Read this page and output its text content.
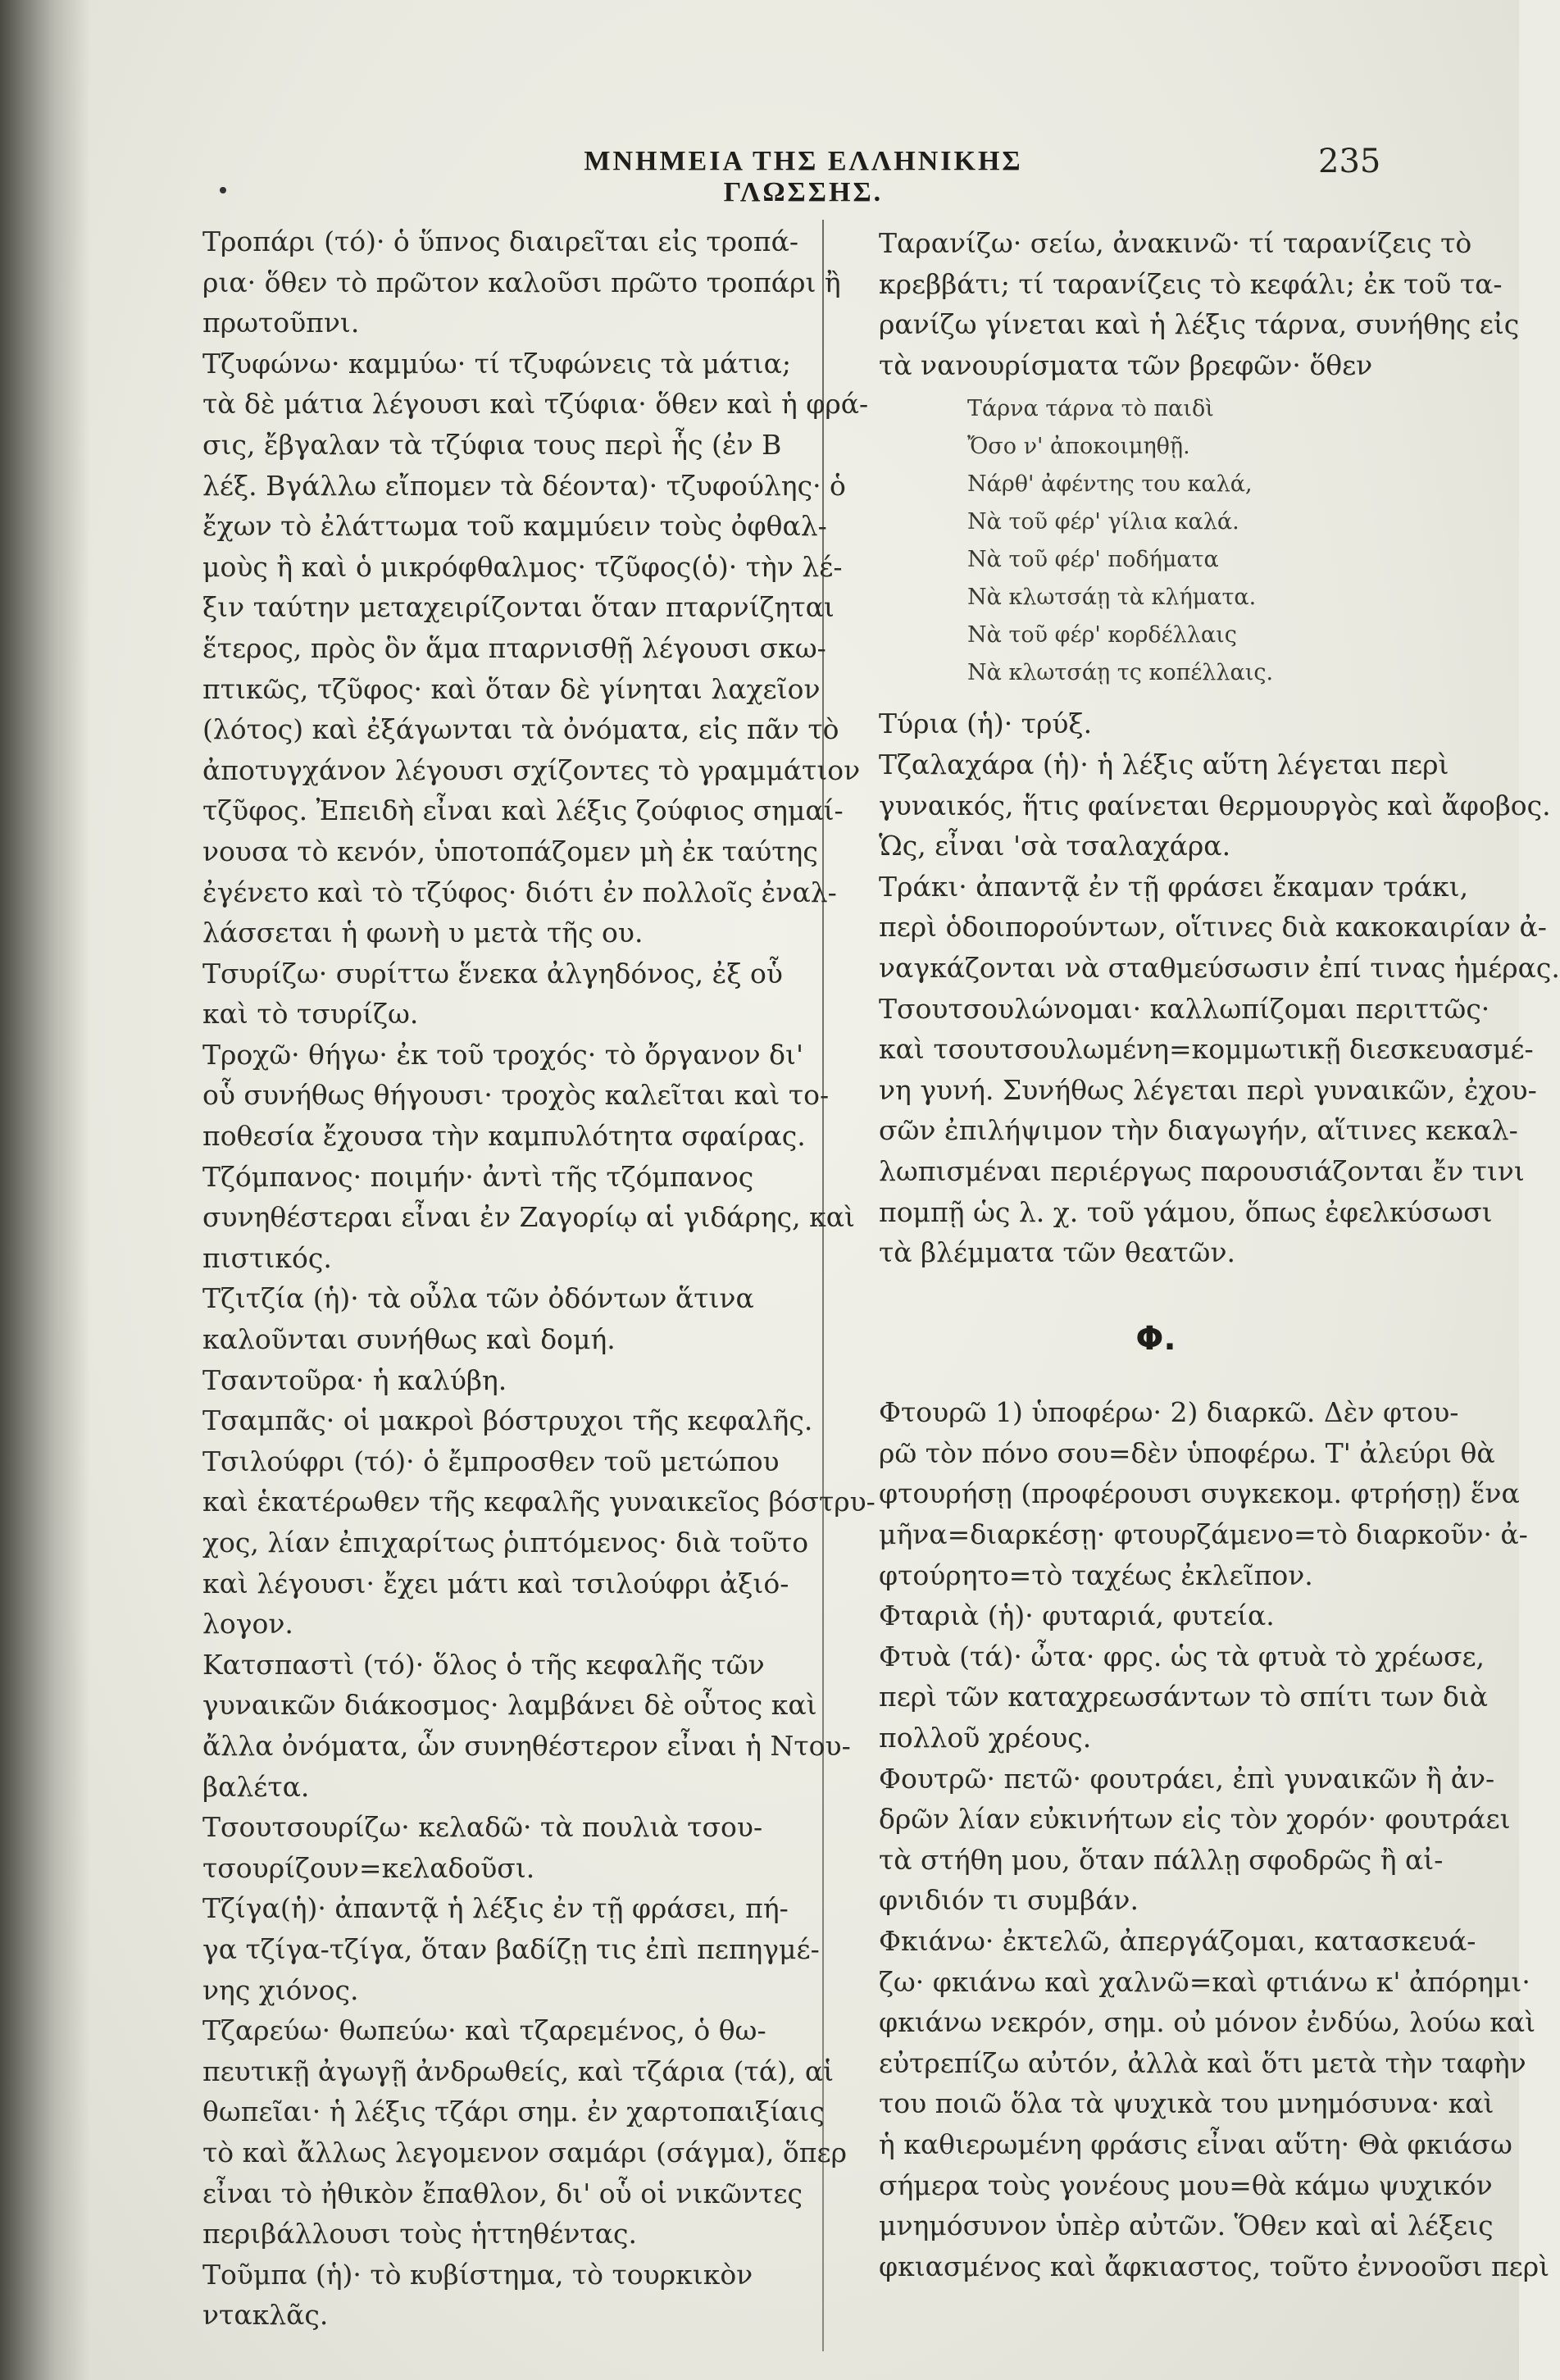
ΜΝΗΜΕΙΑ ΤΗΣ ΕΛΛΗΝΙΚΗΣ ΓΛΩΣΣΗΣ.
235

Τροπάρι (τό)· ὁ ὕπνος διαιρεῖται εἰς τροπά-
ρια· ὅθεν τὸ πρῶτον καλοῦσι πρῶτο τροπάρι ἢ
πρωτοῦπνι.

Τζυφώνω· καμμύω· τί τζυφώνεις τὰ μάτια;
τὰ δὲ μάτια λέγουσι καὶ τζύφια· ὅθεν καὶ ἡ φρά-
σις, ἔβγαλαν τὰ τζύφια τους περὶ ἧς (ἐν Β
λέξ. Βγάλλω εἴπομεν τὰ δέοντα)· τζυφούλης· ὁ
ἔχων τὸ ἐλάττωμα τοῦ καμμύειν τοὺς ὀφθαλ-
μοὺς ἢ καὶ ὁ μικρόφθαλμος· τζῦφος(ὁ)· τὴν λέ-
ξιν ταύτην μεταχειρίζονται ὅταν πταρνίζηται
ἕτερος, πρὸς ὃν ἅμα πταρνισθῇ λέγουσι σκω-
πτικῶς, τζῦφος· καὶ ὅταν δὲ γίνηται λαχεῖον
(λότος) καὶ ἐξάγωνται τὰ ὀνόματα, εἰς πᾶν τὸ
ἀποτυγχάνον λέγουσι σχίζοντες τὸ γραμμάτιον
τζῦφος. Ἐπειδὴ εἶναι καὶ λέξις ζούφιος σημαί-
νουσα τὸ κενόν, ὑποτοπάζομεν μὴ ἐκ ταύτης
ἐγένετο καὶ τὸ τζύφος· διότι ἐν πολλοῖς ἐναλ-
λάσσεται ἡ φωνὴ υ μετὰ τῆς ου.

Τσυρίζω· συρίττω ἕνεκα ἀλγηδόνος, ἐξ οὗ
καὶ τὸ τσυρίζω.

Τροχῶ· θήγω· ἐκ τοῦ τροχός· τὸ ὄργανον δι'
οὗ συνήθως θήγουσι· τροχὸς καλεῖται καὶ το-
ποθεσία ἔχουσα τὴν καμπυλότητα σφαίρας.

Τζόμπανος· ποιμήν· ἀντὶ τῆς τζόμπανος
συνηθέστεραι εἶναι ἐν Ζαγορίῳ αἱ γιδάρης, καὶ
πιστικός.

Τζιτζία (ἡ)· τὰ οὖλα τῶν ὀδόντων ἅτινα
καλοῦνται συνήθως καὶ δομή.

Τσαντοῦρα· ἡ καλύβη.

Τσαμπᾶς· οἱ μακροὶ βόστρυχοι τῆς κεφαλῆς.

Τσιλούφρι (τό)· ὁ ἔμπροσθεν τοῦ μετώπου
καὶ ἑκατέρωθεν τῆς κεφαλῆς γυναικεῖος βόστρυ-
χος, λίαν ἐπιχαρίτως ῥιπτόμενος· διὰ τοῦτο
καὶ λέγουσι· ἔχει μάτι καὶ τσιλούφρι ἀξιό-
λογον.

Κατσπαστὶ (τό)· ὅλος ὁ τῆς κεφαλῆς τῶν
γυναικῶν διάκοσμος· λαμβάνει δὲ οὗτος καὶ
ἄλλα ὀνόματα, ὧν συνηθέστερον εἶναι ἡ Ντου-
βαλέτα.

Τσουτσουρίζω· κελαδῶ· τὰ πουλιὰ τσου-
τσουρίζουν=κελαδοῦσι.

Τζίγα(ἡ)· ἀπαντᾷ ἡ λέξις ἐν τῇ φράσει, πή-
γα τζίγα-τζίγα, ὅταν βαδίζῃ τις ἐπὶ πεπηγμέ-
νης χιόνος.

Τζαρεύω· θωπεύω· καὶ τζαρεμένος, ὁ θω-
πευτικῇ ἀγωγῇ ἀνδρωθείς, καὶ τζάρια (τά), αἱ
θωπεῖαι· ἡ λέξις τζάρι σημ. ἐν χαρτοπαιξίαις
τὸ καὶ ἄλλως λεγομενον σαμάρι (σάγμα), ὅπερ
εἶναι τὸ ἠθικὸν ἔπαθλον, δι' οὗ οἱ νικῶντες
περιβάλλουσι τοὺς ἡττηθέντας.

Τοῦμπα (ἡ)· τὸ κυβίστημα, τὸ τουρκικὸν
ντακλᾶς.

Ταρανίζω· σείω, ἀνακινῶ· τί ταρανίζεις τὸ
κρεββάτι; τί ταρανίζεις τὸ κεφάλι; ἐκ τοῦ τα-
ρανίζω γίνεται καὶ ἡ λέξις τάρνα, συνήθης εἰς
τὰ νανουρίσματα τῶν βρεφῶν· ὅθεν

Τάρνα τάρνα τὸ παιδὶ
Ὄσο ν' ἀποκοιμηθῇ.
Νάρθ' ἀφέντης του καλά,
Νὰ τοῦ φέρ' γίλια καλά.
Νὰ τοῦ φέρ' ποδήματα
Νὰ κλωτσάῃ τὰ κλήματα.
Νὰ τοῦ φέρ' κορδέλλαις
Νὰ κλωτσάῃ τς κοπέλλαις.

Τύρια (ἡ)· τρύξ.

Τζαλαχάρα (ἡ)· ἡ λέξις αὕτη λέγεται περὶ
γυναικός, ἥτις φαίνεται θερμουργὸς καὶ ἄφοβος.
Ὡς, εἶναι 'σὰ τσαλαχάρα.

Τράκι· ἀπαντᾷ ἐν τῇ φράσει ἔκαμαν τράκι,
περὶ ὁδοιπορούντων, οἵτινες διὰ κακοκαιρίαν ἀ-
ναγκάζονται νὰ σταθμεύσωσιν ἐπί τινας ἡμέρας.

Τσουτσουλώνομαι· καλλωπίζομαι περιττῶς·
καὶ τσουτσουλωμένη=κομμωτικῇ διεσκευασμέ-
νη γυνή. Συνήθως λέγεται περὶ γυναικῶν, ἐχου-
σῶν ἐπιλήψιμον τὴν διαγωγήν, αἵτινες κεκαλ-
λωπισμέναι περιέργως παρουσιάζονται ἔν τινι
πομπῇ ὡς λ. χ. τοῦ γάμου, ὅπως ἐφελκύσωσι
τὰ βλέμματα τῶν θεατῶν.

Φ.

Φτουρῶ 1) ὑποφέρω· 2) διαρκῶ. Δὲν φτου-
ρῶ τὸν πόνο σου=δὲν ὑποφέρω. Τ' ἀλεύρι θὰ
φτουρήσῃ (προφέρουσι συγκεκομ. φτρήσῃ) ἕνα
μῆνα=διαρκέσῃ· φτουρζάμενο=τὸ διαρκοῦν· ἀ-
φτούρητο=τὸ ταχέως ἐκλεῖπον.

Φταριὰ (ἡ)· φυταριά, φυτεία.

Φτυὰ (τά)· ὦτα· φρς. ὡς τὰ φτυὰ τὸ χρέωσε,
περὶ τῶν καταχρεωσάντων τὸ σπίτι των διὰ
πολλοῦ χρέους.

Φουτρῶ· πετῶ· φουτράει, ἐπὶ γυναικῶν ἢ ἀν-
δρῶν λίαν εὐκινήτων εἰς τὸν χορόν· φουτράει
τὰ στήθη μου, ὅταν πάλλῃ σφοδρῶς ἢ αἰ-
φνιδιόν τι συμβάν.

Φκιάνω· ἐκτελῶ, ἀπεργάζομαι, κατασκευά-
ζω· φκιάνω καὶ χαλνῶ=καὶ φτιάνω κ' ἀπόρημι·
φκιάνω νεκρόν, σημ. οὐ μόνον ἐνδύω, λούω καὶ
εὐτρεπίζω αὐτόν, ἀλλὰ καὶ ὅτι μετὰ τὴν ταφὴν
του ποιῶ ὅλα τὰ ψυχικὰ του μνημόσυνα· καὶ
ἡ καθιερωμένη φράσις εἶναι αὕτη· Θὰ φκιάσω
σήμερα τοὺς γονέους μου=θὰ κάμω ψυχικόν
μνημόσυνον ὑπὲρ αὐτῶν. Ὅθεν καὶ αἱ λέξεις
φκιασμένος καὶ ἄφκιαστος, τοῦτο ἐννοοῦσι περὶ
